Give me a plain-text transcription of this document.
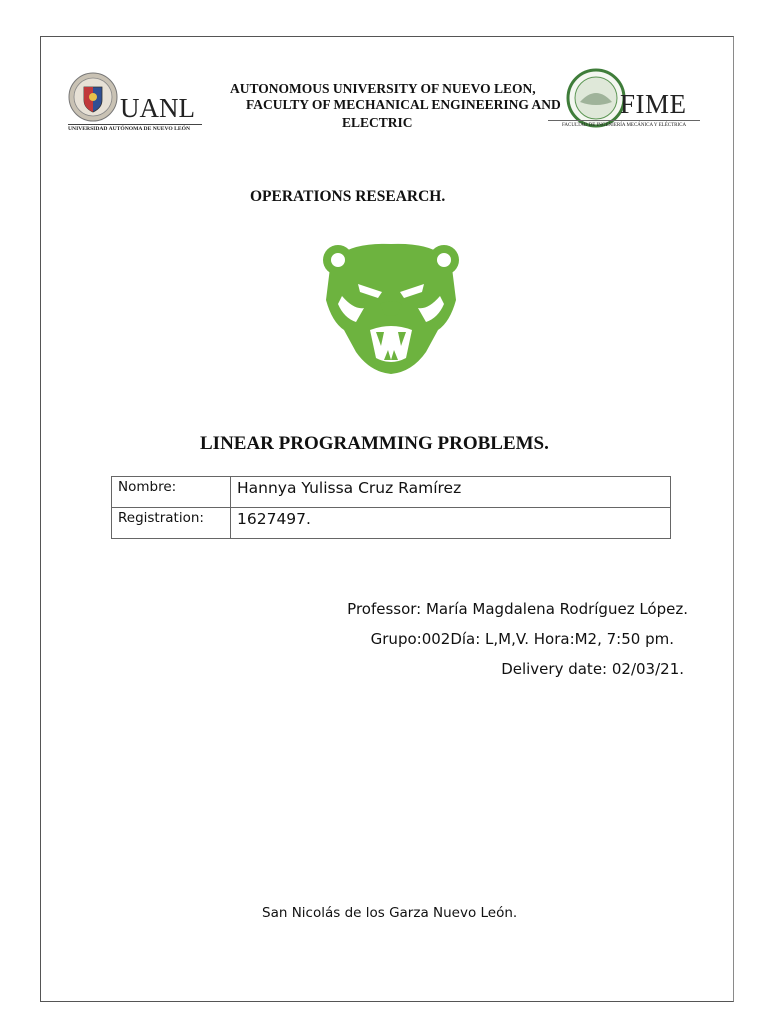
UANL
UNIVERSIDAD AUTÓNOMA DE NUEVO LEÓN
FIME
FACULTAD DE INGENIERÍA MECÁNICA Y ELÉCTRICA
AUTONOMOUS UNIVERSITY OF NUEVO LEON,
FACULTY OF MECHANICAL ENGINEERING AND
ELECTRIC
OPERATIONS RESEARCH.
LINEAR PROGRAMMING PROBLEMS.
Nombre:	Hannya Yulissa Cruz Ramírez
Registration:	1627497.
Professor: María Magdalena Rodríguez López.
Grupo:002Día: L,M,V. Hora:M2, 7:50 pm.
Delivery date: 02/03/21.
San Nicolás de los Garza Nuevo León.
